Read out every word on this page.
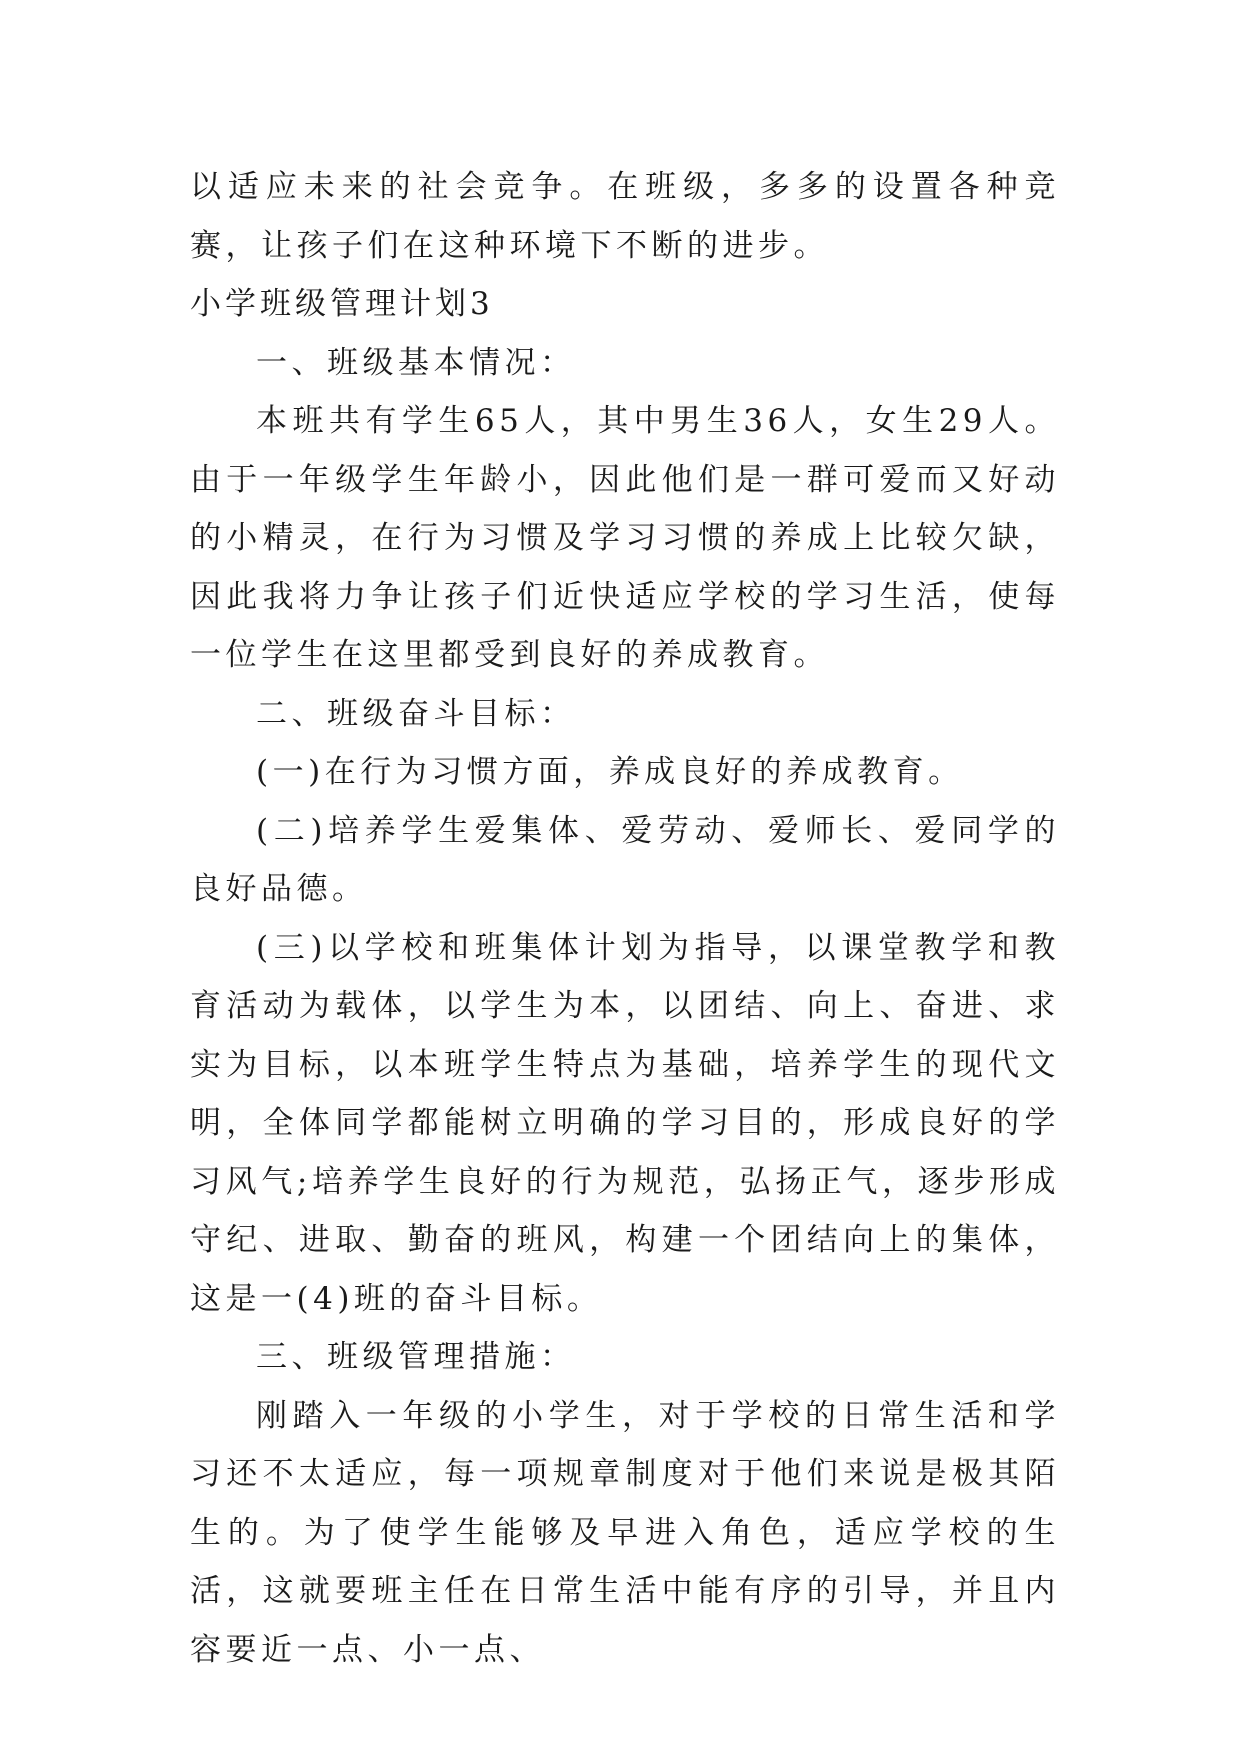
以适应未来的社会竞争。在班级，多多的设置各种竞赛，让孩子们在这种环境下不断的进步。

小学班级管理计划3

一、班级基本情况：

本班共有学生65人，其中男生36人，女生29人。由于一年级学生年龄小，因此他们是一群可爱而又好动的小精灵，在行为习惯及学习习惯的养成上比较欠缺，因此我将力争让孩子们近快适应学校的学习生活，使每一位学生在这里都受到良好的养成教育。

二、班级奋斗目标：

(一)在行为习惯方面，养成良好的养成教育。

(二)培养学生爱集体、爱劳动、爱师长、爱同学的良好品德。

(三)以学校和班集体计划为指导，以课堂教学和教育活动为载体，以学生为本，以团结、向上、奋进、求实为目标，以本班学生特点为基础，培养学生的现代文明，全体同学都能树立明确的学习目的，形成良好的学习风气;培养学生良好的行为规范，弘扬正气，逐步形成守纪、进取、勤奋的班风，构建一个团结向上的集体，这是一(4)班的奋斗目标。

三、班级管理措施：

刚踏入一年级的小学生，对于学校的日常生活和学习还不太适应，每一项规章制度对于他们来说是极其陌生的。为了使学生能够及早进入角色，适应学校的生活，这就要班主任在日常生活中能有序的引导，并且内容要近一点、小一点、
